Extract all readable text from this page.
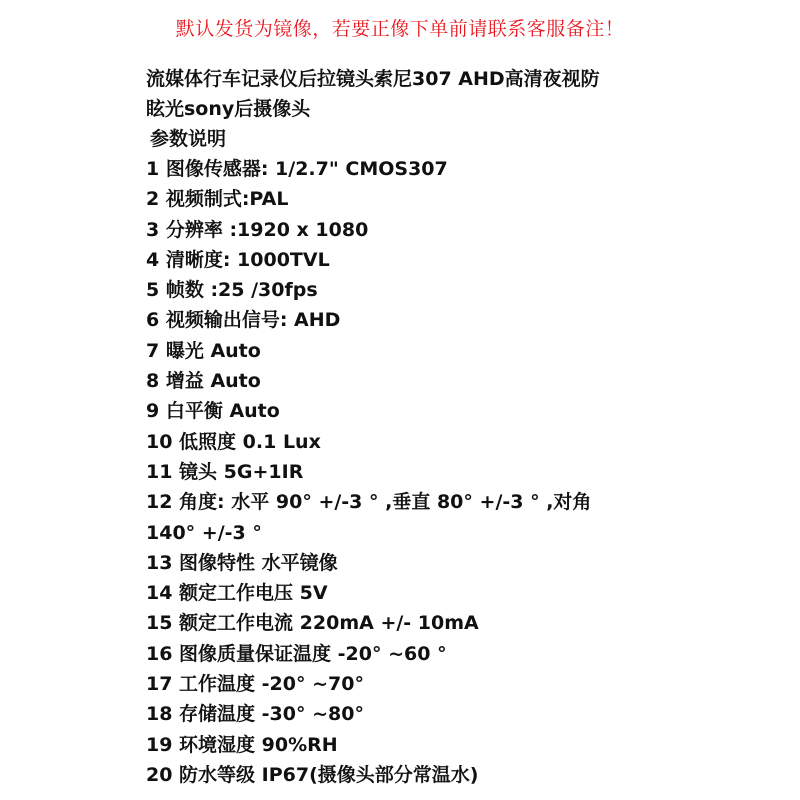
默认发货为镜像，若要正像下单前请联系客服备注！

流媒体行车记录仪后拉镜头索尼307 AHD高清夜视防

眩光sony后摄像头

参数说明

1 图像传感器: 1/2.7" CMOS307
2 视频制式:PAL
3 分辨率 :1920 x 1080
4 清晰度: 1000TVL
5 帧数 :25 /30fps
6 视频输出信号: AHD
7 曝光 Auto
8 增益 Auto
9 白平衡 Auto
10 低照度 0.1 Lux
11 镜头 5G+1IR
12 角度: 水平 90° +/-3 ° ,垂直 80° +/-3 ° ,对角
140° +/-3 °
13 图像特性 水平镜像
14 额定工作电压 5V
15 额定工作电流 220mA +/- 10mA
16 图像质量保证温度 -20° ~60 °
17 工作温度 -20° ~70°
18 存储温度 -30° ~80°
19 环境湿度 90%RH
20 防水等级 IP67(摄像头部分常温水)
